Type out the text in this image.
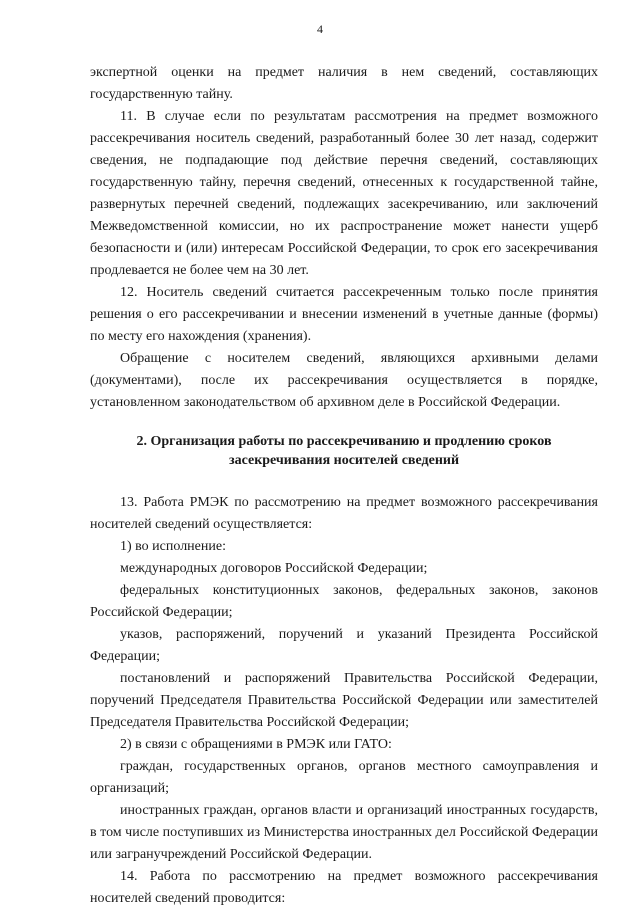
4

экспертной оценки на предмет наличия в нем сведений, составляющих государственную тайну.

11. В случае если по результатам рассмотрения на предмет возможного рассекречивания носитель сведений, разработанный более 30 лет назад, содержит сведения, не подпадающие под действие перечня сведений, составляющих государственную тайну, перечня сведений, отнесенных к государственной тайне, развернутых перечней сведений, подлежащих засекречиванию, или заключений Межведомственной комиссии, но их распространение может нанести ущерб безопасности и (или) интересам Российской Федерации, то срок его засекречивания продлевается не более чем на 30 лет.

12. Носитель сведений считается рассекреченным только после принятия решения о его рассекречивании и внесении изменений в учетные данные (формы) по месту его нахождения (хранения).

Обращение с носителем сведений, являющихся архивными делами (документами), после их рассекречивания осуществляется в порядке, установленном законодательством об архивном деле в Российской Федерации.

2. Организация работы по рассекречиванию и продлению сроков засекречивания носителей сведений

13. Работа РМЭК по рассмотрению на предмет возможного рассекречивания носителей сведений осуществляется:

1) во исполнение:

международных договоров Российской Федерации;

федеральных конституционных законов, федеральных законов, законов Российской Федерации;

указов, распоряжений, поручений и указаний Президента Российской Федерации;

постановлений и распоряжений Правительства Российской Федерации, поручений Председателя Правительства Российской Федерации или заместителей Председателя Правительства Российской Федерации;

2) в связи с обращениями в РМЭК или ГАТО:

граждан, государственных органов, органов местного самоуправления и организаций;

иностранных граждан, органов власти и организаций иностранных государств, в том числе поступивших из Министерства иностранных дел Российской Федерации или загранучреждений Российской Федерации.

14. Работа по рассмотрению на предмет возможного рассекречивания носителей сведений проводится:
